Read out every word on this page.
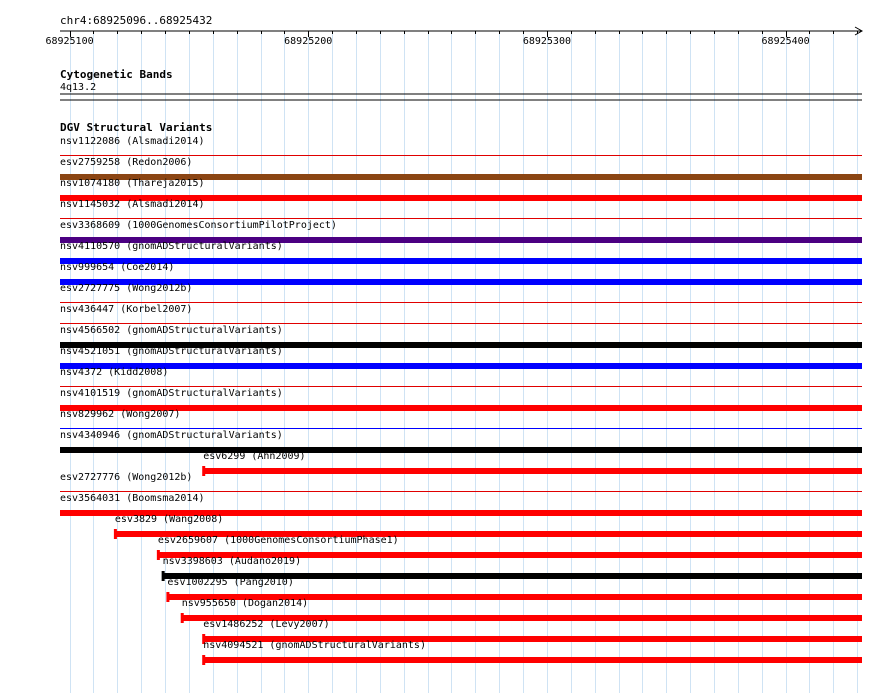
chr4:68925096..68925432
68925100	68925200	68925300	68925400
Cytogenetic Bands
4q13.2
DGV Structural Variants
nsv1122086 (Alsmadi2014)
esv2759258 (Redon2006)
nsv1074180 (Thareja2015)
nsv1145032 (Alsmadi2014)
esv3368609 (1000GenomesConsortiumPilotProject)
nsv4110570 (gnomADStructuralVariants)
nsv999654 (Coe2014)
esv2727775 (Wong2012b)
nsv436447 (Korbel2007)
nsv4566502 (gnomADStructuralVariants)
nsv4521051 (gnomADStructuralVariants)
nsv4372 (Kidd2008)
nsv4101519 (gnomADStructuralVariants)
nsv829962 (Wong2007)
nsv4340946 (gnomADStructuralVariants)
esv6299 (Ahn2009)
esv2727776 (Wong2012b)
esv3564031 (Boomsma2014)
esv3829 (Wang2008)
esv2659607 (1000GenomesConsortiumPhase1)
nsv3398603 (Audano2019)
esv1002295 (Pang2010)
nsv955650 (Dogan2014)
esv1486252 (Levy2007)
nsv4094521 (gnomADStructuralVariants)
